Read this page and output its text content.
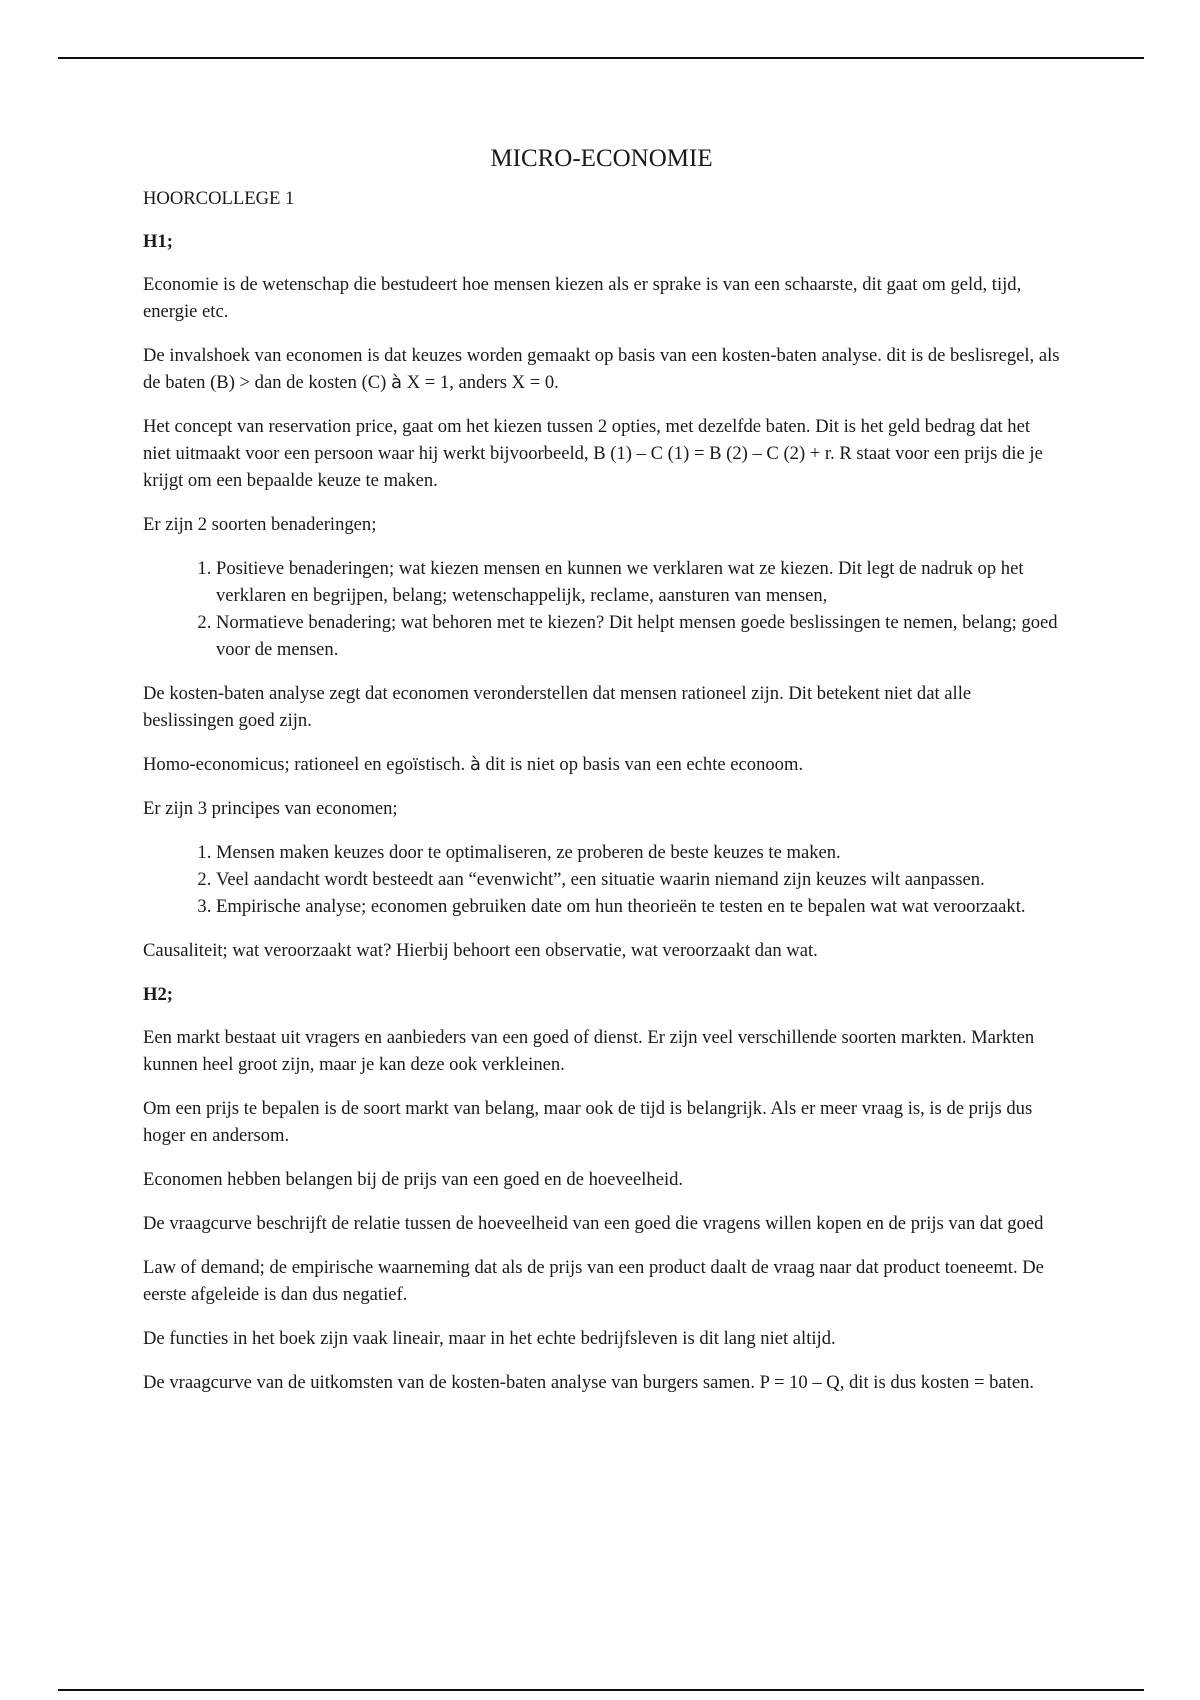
MICRO-ECONOMIE
HOORCOLLEGE 1
H1;

Economie is de wetenschap die bestudeert hoe mensen kiezen als er sprake is van een schaarste, dit gaat om geld, tijd, energie etc.

De invalshoek van economen is dat keuzes worden gemaakt op basis van een kosten-baten analyse. dit is de beslisregel, als de baten (B) > dan de kosten (C) à X = 1, anders X = 0.

Het concept van reservation price, gaat om het kiezen tussen 2 opties, met dezelfde baten. Dit is het geld bedrag dat het niet uitmaakt voor een persoon waar hij werkt bijvoorbeeld, B (1) – C (1) = B (2) – C (2) + r. R staat voor een prijs die je krijgt om een bepaalde keuze te maken.

Er zijn 2 soorten benaderingen;

1. Positieve benaderingen; wat kiezen mensen en kunnen we verklaren wat ze kiezen. Dit legt de nadruk op het verklaren en begrijpen, belang; wetenschappelijk, reclame, aansturen van mensen,
2. Normatieve benadering; wat behoren met te kiezen? Dit helpt mensen goede beslissingen te nemen, belang; goed voor de mensen.

De kosten-baten analyse zegt dat economen veronderstellen dat mensen rationeel zijn. Dit betekent niet dat alle beslissingen goed zijn.

Homo-economicus; rationeel en egoïstisch. à dit is niet op basis van een echte econoom.

Er zijn 3 principes van economen;

1. Mensen maken keuzes door te optimaliseren, ze proberen de beste keuzes te maken.
2. Veel aandacht wordt besteedt aan “evenwicht”, een situatie waarin niemand zijn keuzes wilt aanpassen.
3. Empirische analyse; economen gebruiken date om hun theorieën te testen en te bepalen wat wat veroorzaakt.

Causaliteit; wat veroorzaakt wat? Hierbij behoort een observatie, wat veroorzaakt dan wat.

H2;

Een markt bestaat uit vragers en aanbieders van een goed of dienst. Er zijn veel verschillende soorten markten. Markten kunnen heel groot zijn, maar je kan deze ook verkleinen.

Om een prijs te bepalen is de soort markt van belang, maar ook de tijd is belangrijk. Als er meer vraag is, is de prijs dus hoger en andersom.

Economen hebben belangen bij de prijs van een goed en de hoeveelheid.

De vraagcurve beschrijft de relatie tussen de hoeveelheid van een goed die vragens willen kopen en de prijs van dat goed

Law of demand; de empirische waarneming dat als de prijs van een product daalt de vraag naar dat product toeneemt. De eerste afgeleide is dan dus negatief.

De functies in het boek zijn vaak lineair, maar in het echte bedrijfsleven is dit lang niet altijd.

De vraagcurve van de uitkomsten van de kosten-baten analyse van burgers samen. P = 10 – Q, dit is dus kosten = baten.
